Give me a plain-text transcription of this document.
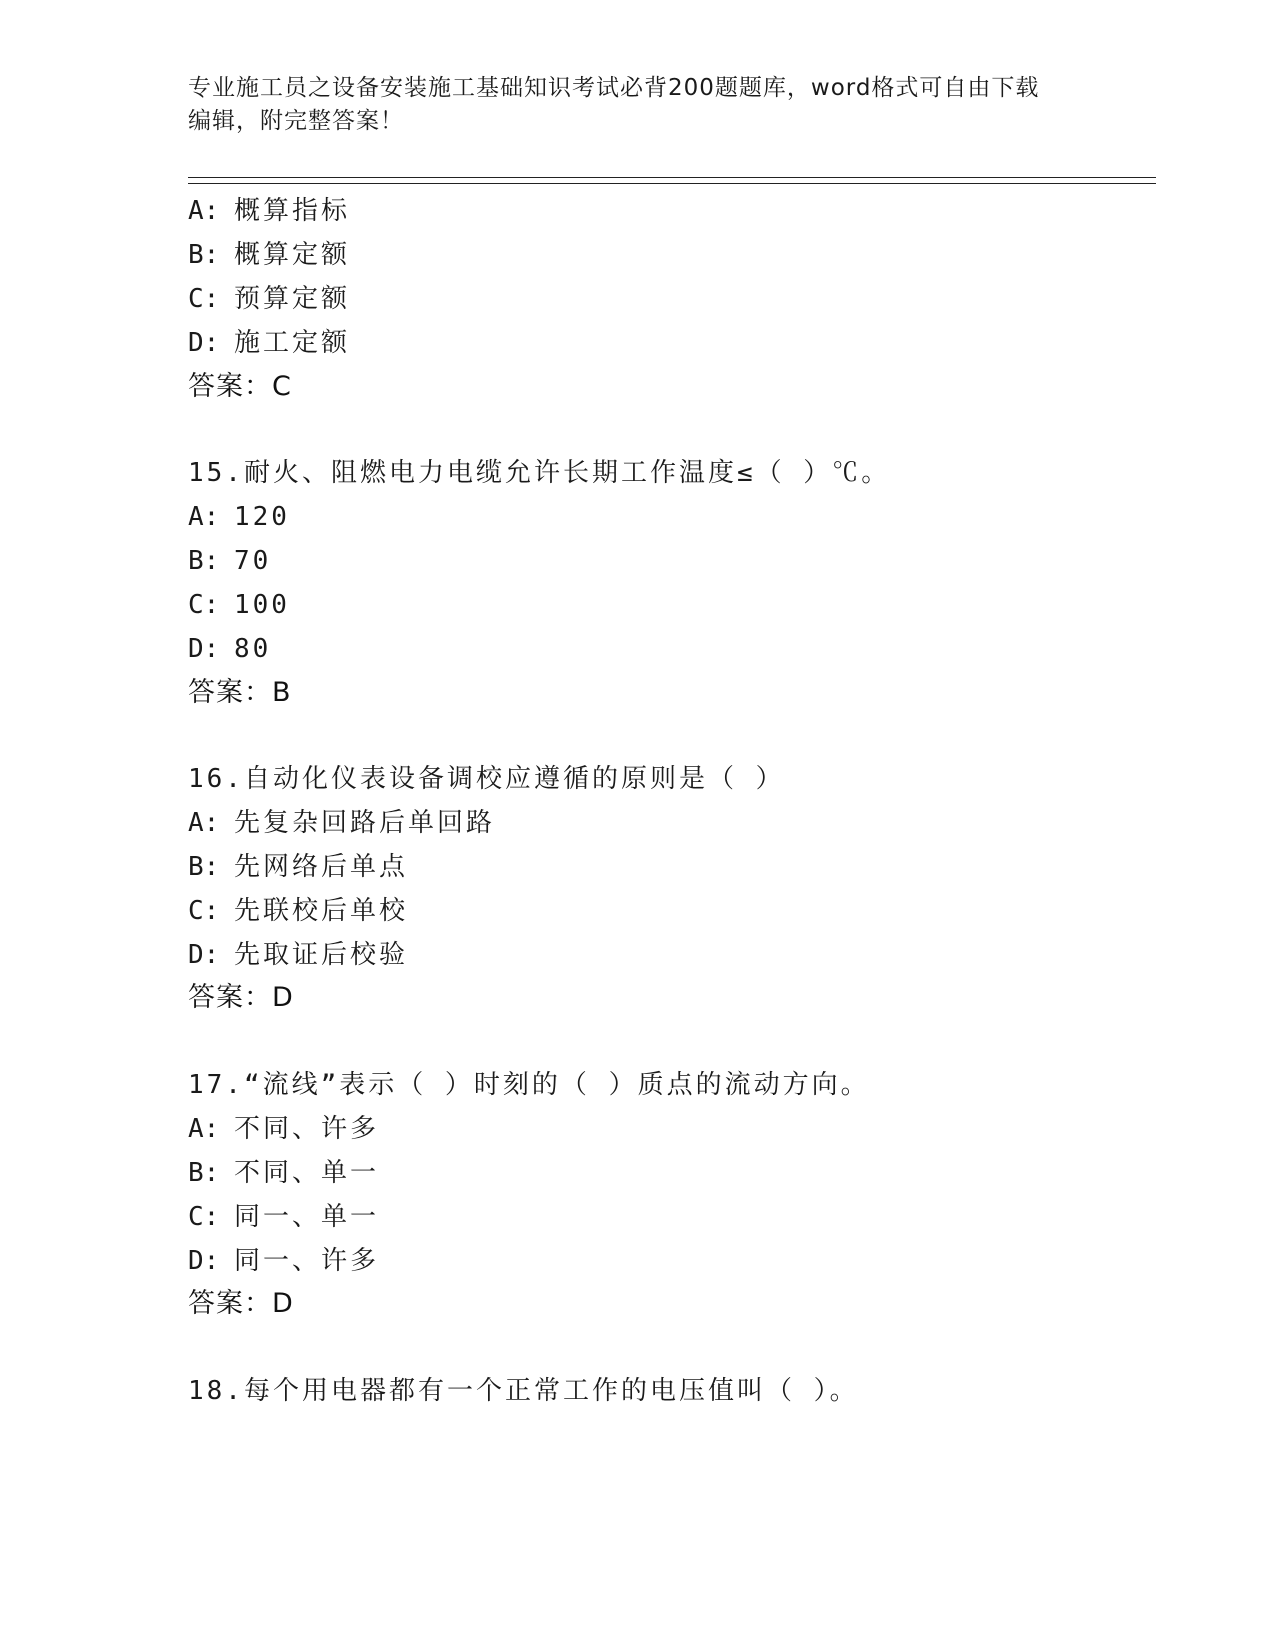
专业施工员之设备安装施工基础知识考试必背200题题库，word格式可自由下载
编辑，附完整答案！
A: 概算指标
B: 概算定额
C: 预算定额
D: 施工定额
答案：C
15.耐火、阻燃电力电缆允许长期工作温度≤（ ）℃。
A: 120
B: 70
C: 100
D: 80
答案：B
16.自动化仪表设备调校应遵循的原则是（ ）
A: 先复杂回路后单回路
B: 先网络后单点
C: 先联校后单校
D: 先取证后校验
答案：D
17.“流线”表示（ ）时刻的（ ）质点的流动方向。
A: 不同、许多
B: 不同、单一
C: 同一、单一
D: 同一、许多
答案：D
18.每个用电器都有一个正常工作的电压值叫（ ）。
